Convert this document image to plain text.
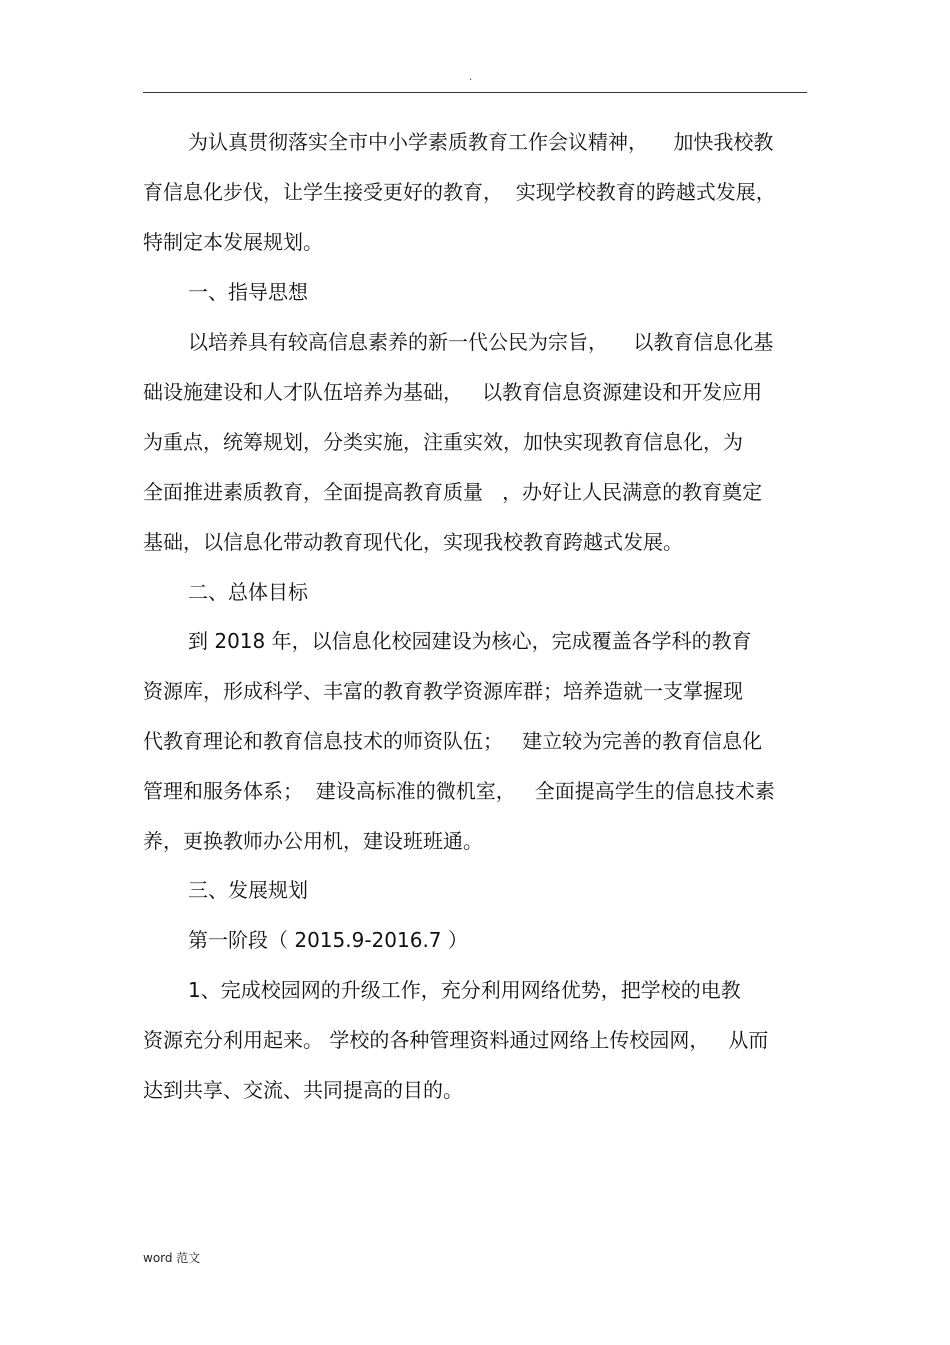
.
为认真贯彻落实全市中小学素质教育工作会议精神，    加快我校教
育信息化步伐，让学生接受更好的教育，  实现学校教育的跨越式发展，
特制定本发展规划。
一、指导思想
以培养具有较高信息素养的新一代公民为宗旨，    以教育信息化基
础设施建设和人才队伍培养为基础，   以教育信息资源建设和开发应用
为重点，统筹规划，分类实施，注重实效，加快实现教育信息化，为
全面推进素质教育，全面提高教育质量   ，办好让人民满意的教育奠定
基础，以信息化带动教育现代化，实现我校教育跨越式发展。
二、总体目标
到 2018 年，以信息化校园建设为核心，完成覆盖各学科的教育
资源库，形成科学、丰富的教育教学资源库群；培养造就一支掌握现
代教育理论和教育信息技术的师资队伍；   建立较为完善的教育信息化
管理和服务体系；  建设高标准的微机室，   全面提高学生的信息技术素
养，更换教师办公用机，建设班班通。
三、发展规划
第一阶段（ 2015.9-2016.7 ）
1、完成校园网的升级工作，充分利用网络优势，把学校的电教
资源充分利用起来。 学校的各种管理资料通过网络上传校园网，   从而
达到共享、交流、共同提高的目的。
word 范文
